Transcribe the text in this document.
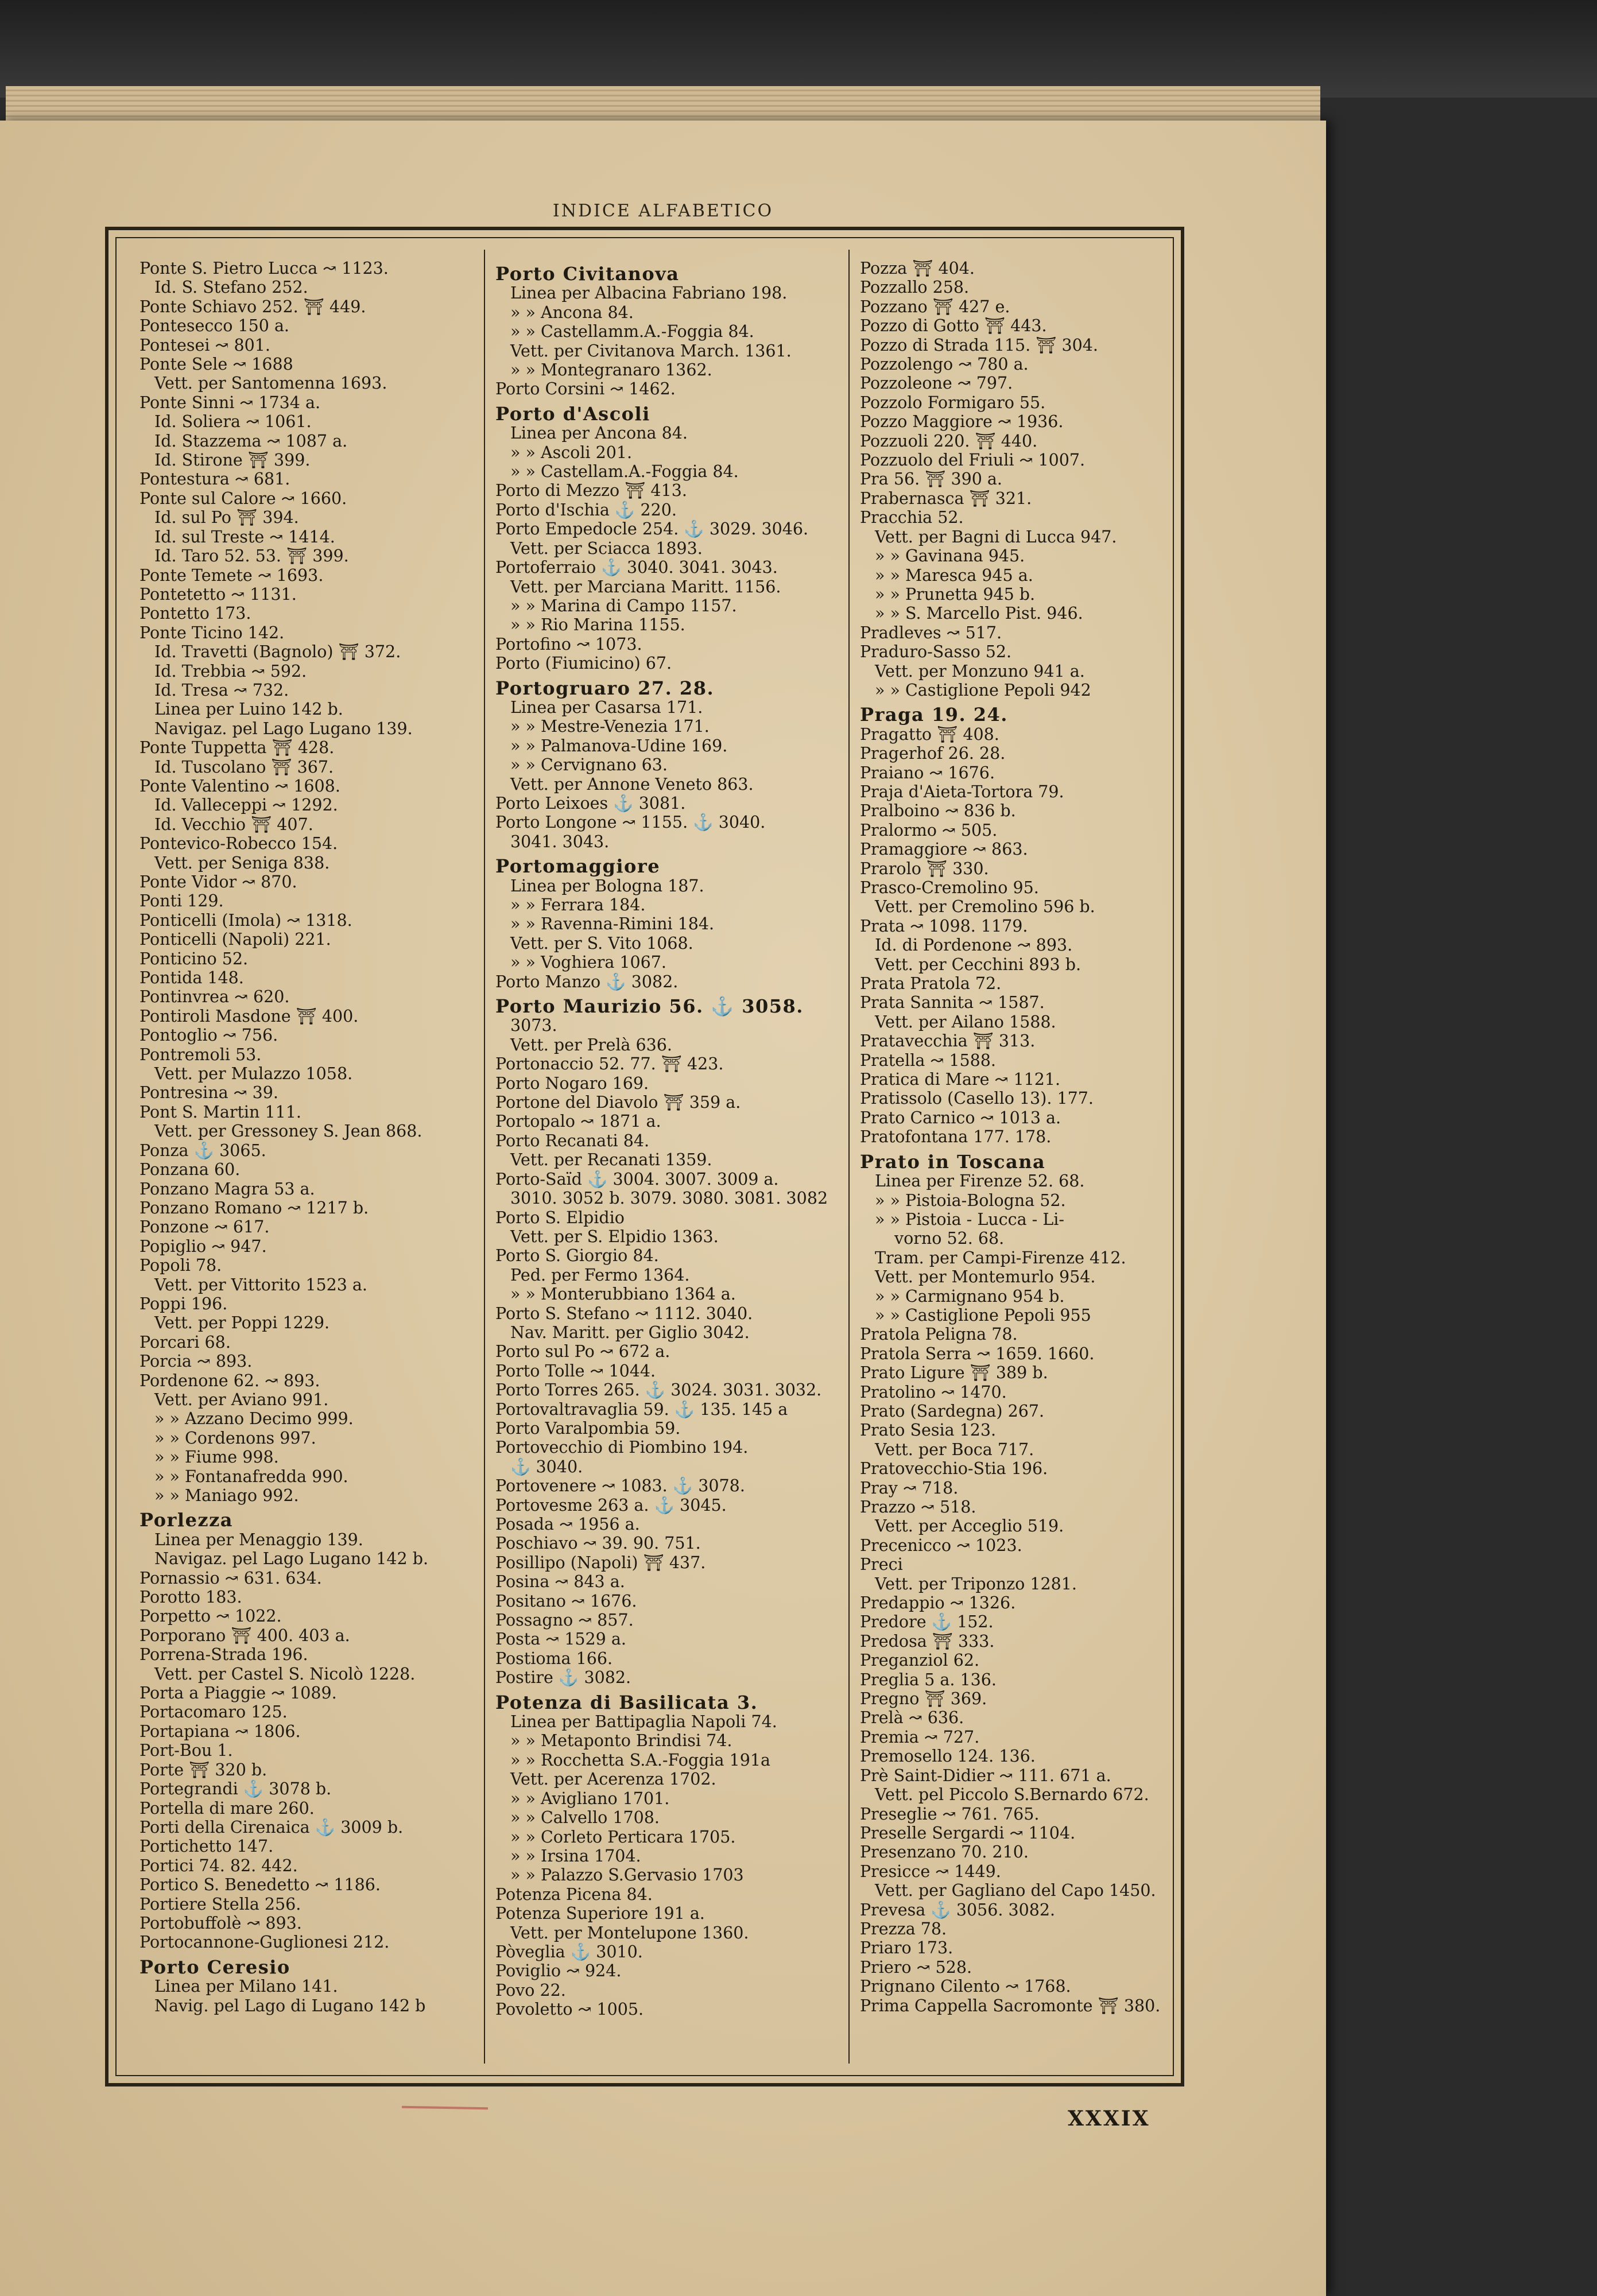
INDICE ALFABETICO
Ponte S. Pietro Lucca ↝ 1123.
Id. S. Stefano 252.
Ponte Schiavo 252. ⛩ 449.
Pontesecco 150 a.
Pontesei ↝ 801.
Ponte Sele ↝ 1688
Vett. per Santomenna 1693.
Ponte Sinni ↝ 1734 a.
Id. Soliera ↝ 1061.
Id. Stazzema ↝ 1087 a.
Id. Stirone ⛩ 399.
Pontestura ↝ 681.
Ponte sul Calore ↝ 1660.
Id. sul Po ⛩ 394.
Id. sul Treste ↝ 1414.
Id. Taro 52. 53. ⛩ 399.
Ponte Temete ↝ 1693.
Pontetetto ↝ 1131.
Pontetto 173.
Ponte Ticino 142.
Id. Travetti (Bagnolo) ⛩ 372.
Id. Trebbia ↝ 592.
Id. Tresa ↝ 732.
Linea per Luino 142 b.
Navigaz. pel Lago Lugano 139.
Ponte Tuppetta ⛩ 428.
Id. Tuscolano ⛩ 367.
Ponte Valentino ↝ 1608.
Id. Valleceppi ↝ 1292.
Id. Vecchio ⛩ 407.
Pontevico-Robecco 154.
Vett. per Seniga 838.
Ponte Vidor ↝ 870.
Ponti 129.
Ponticelli (Imola) ↝ 1318.
Ponticelli (Napoli) 221.
Ponticino 52.
Pontida 148.
Pontinvrea ↝ 620.
Pontiroli Masdone ⛩ 400.
Pontoglio ↝ 756.
Pontremoli 53.
Vett. per Mulazzo 1058.
Pontresina ↝ 39.
Pont S. Martin 111.
Vett. per Gressoney S. Jean 868.
Ponza ⚓ 3065.
Ponzana 60.
Ponzano Magra 53 a.
Ponzano Romano ↝ 1217 b.
Ponzone ↝ 617.
Popiglio ↝ 947.
Popoli 78.
Vett. per Vittorito 1523 a.
Poppi 196.
Vett. per Poppi 1229.
Porcari 68.
Porcia ↝ 893.
Pordenone 62. ↝ 893.
Vett. per Aviano 991.
» » Azzano Decimo 999.
» » Cordenons 997.
» » Fiume 998.
» » Fontanafredda 990.
» » Maniago 992.
Porlezza
Linea per Menaggio 139.
Navigaz. pel Lago Lugano 142 b.
Pornassio ↝ 631. 634.
Porotto 183.
Porpetto ↝ 1022.
Porporano ⛩ 400. 403 a.
Porrena-Strada 196.
Vett. per Castel S. Nicolò 1228.
Porta a Piaggie ↝ 1089.
Portacomaro 125.
Portapiana ↝ 1806.
Port-Bou 1.
Porte ⛩ 320 b.
Portegrandi ⚓ 3078 b.
Portella di mare 260.
Porti della Cirenaica ⚓ 3009 b.
Portichetto 147.
Portici 74. 82. 442.
Portico S. Benedetto ↝ 1186.
Portiere Stella 256.
Portobuffolè ↝ 893.
Portocannone-Guglionesi 212.
Porto Ceresio
Linea per Milano 141.
Navig. pel Lago di Lugano 142 b
Porto Civitanova
Linea per Albacina Fabriano 198.
» » Ancona 84.
» » Castellamm.A.-Foggia 84.
Vett. per Civitanova March. 1361.
» » Montegranaro 1362.
Porto Corsini ↝ 1462.
Porto d'Ascoli
Linea per Ancona 84.
» » Ascoli 201.
» » Castellam.A.-Foggia 84.
Porto di Mezzo ⛩ 413.
Porto d'Ischia ⚓ 220.
Porto Empedocle 254. ⚓ 3029. 3046.
Vett. per Sciacca 1893.
Portoferraio ⚓ 3040. 3041. 3043.
Vett. per Marciana Maritt. 1156.
» » Marina di Campo 1157.
» » Rio Marina 1155.
Portofino ↝ 1073.
Porto (Fiumicino) 67.
Portogruaro 27. 28.
Linea per Casarsa 171.
» » Mestre-Venezia 171.
» » Palmanova-Udine 169.
» » Cervignano 63.
Vett. per Annone Veneto 863.
Porto Leixoes ⚓ 3081.
Porto Longone ↝ 1155. ⚓ 3040.
3041. 3043.
Portomaggiore
Linea per Bologna 187.
» » Ferrara 184.
» » Ravenna-Rimini 184.
Vett. per S. Vito 1068.
» » Voghiera 1067.
Porto Manzo ⚓ 3082.
Porto Maurizio 56. ⚓ 3058.
3073.
Vett. per Prelà 636.
Portonaccio 52. 77. ⛩ 423.
Porto Nogaro 169.
Portone del Diavolo ⛩ 359 a.
Portopalo ↝ 1871 a.
Porto Recanati 84.
Vett. per Recanati 1359.
Porto-Saïd ⚓ 3004. 3007. 3009 a.
3010. 3052 b. 3079. 3080. 3081. 3082
Porto S. Elpidio
Vett. per S. Elpidio 1363.
Porto S. Giorgio 84.
Ped. per Fermo 1364.
» » Monterubbiano 1364 a.
Porto S. Stefano ↝ 1112. 3040.
Nav. Maritt. per Giglio 3042.
Porto sul Po ↝ 672 a.
Porto Tolle ↝ 1044.
Porto Torres 265. ⚓ 3024. 3031. 3032.
Portovaltravaglia 59. ⚓ 135. 145 a
Porto Varalpombia 59.
Portovecchio di Piombino 194.
⚓ 3040.
Portovenere ↝ 1083. ⚓ 3078.
Portovesme 263 a. ⚓ 3045.
Posada ↝ 1956 a.
Poschiavo ↝ 39. 90. 751.
Posillipo (Napoli) ⛩ 437.
Posina ↝ 843 a.
Positano ↝ 1676.
Possagno ↝ 857.
Posta ↝ 1529 a.
Postioma 166.
Postire ⚓ 3082.
Potenza di Basilicata 3.
Linea per Battipaglia Napoli 74.
» » Metaponto Brindisi 74.
» » Rocchetta S.A.-Foggia 191a
Vett. per Acerenza 1702.
» » Avigliano 1701.
» » Calvello 1708.
» » Corleto Perticara 1705.
» » Irsina 1704.
» » Palazzo S.Gervasio 1703
Potenza Picena 84.
Potenza Superiore 191 a.
Vett. per Montelupone 1360.
Pòveglia ⚓ 3010.
Poviglio ↝ 924.
Povo 22.
Povoletto ↝ 1005.
Pozza ⛩ 404.
Pozzallo 258.
Pozzano ⛩ 427 e.
Pozzo di Gotto ⛩ 443.
Pozzo di Strada 115. ⛩ 304.
Pozzolengo ↝ 780 a.
Pozzoleone ↝ 797.
Pozzolo Formigaro 55.
Pozzo Maggiore ↝ 1936.
Pozzuoli 220. ⛩ 440.
Pozzuolo del Friuli ↝ 1007.
Pra 56. ⛩ 390 a.
Prabernasca ⛩ 321.
Pracchia 52.
Vett. per Bagni di Lucca 947.
» » Gavinana 945.
» » Maresca 945 a.
» » Prunetta 945 b.
» » S. Marcello Pist. 946.
Pradleves ↝ 517.
Praduro-Sasso 52.
Vett. per Monzuno 941 a.
» » Castiglione Pepoli 942
Praga 19. 24.
Pragatto ⛩ 408.
Pragerhof 26. 28.
Praiano ↝ 1676.
Praja d'Aieta-Tortora 79.
Pralboino ↝ 836 b.
Pralormo ↝ 505.
Pramaggiore ↝ 863.
Prarolo ⛩ 330.
Prasco-Cremolino 95.
Vett. per Cremolino 596 b.
Prata ↝ 1098. 1179.
Id. di Pordenone ↝ 893.
Vett. per Cecchini 893 b.
Prata Pratola 72.
Prata Sannita ↝ 1587.
Vett. per Ailano 1588.
Pratavecchia ⛩ 313.
Pratella ↝ 1588.
Pratica di Mare ↝ 1121.
Pratissolo (Casello 13). 177.
Prato Carnico ↝ 1013 a.
Pratofontana 177. 178.
Prato in Toscana
Linea per Firenze 52. 68.
» » Pistoia-Bologna 52.
» » Pistoia - Lucca - Li-
vorno 52. 68.
Tram. per Campi-Firenze 412.
Vett. per Montemurlo 954.
» » Carmignano 954 b.
» » Castiglione Pepoli 955
Pratola Peligna 78.
Pratola Serra ↝ 1659. 1660.
Prato Ligure ⛩ 389 b.
Pratolino ↝ 1470.
Prato (Sardegna) 267.
Prato Sesia 123.
Vett. per Boca 717.
Pratovecchio-Stia 196.
Pray ↝ 718.
Prazzo ↝ 518.
Vett. per Acceglio 519.
Precenicco ↝ 1023.
Preci
Vett. per Triponzo 1281.
Predappio ↝ 1326.
Predore ⚓ 152.
Predosa ⛩ 333.
Preganziol 62.
Preglia 5 a. 136.
Pregno ⛩ 369.
Prelà ↝ 636.
Premia ↝ 727.
Premosello 124. 136.
Prè Saint-Didier ↝ 111. 671 a.
Vett. pel Piccolo S.Bernardo 672.
Preseglie ↝ 761. 765.
Preselle Sergardi ↝ 1104.
Presenzano 70. 210.
Presicce ↝ 1449.
Vett. per Gagliano del Capo 1450.
Prevesa ⚓ 3056. 3082.
Prezza 78.
Priaro 173.
Priero ↝ 528.
Prignano Cilento ↝ 1768.
Prima Cappella Sacromonte ⛩ 380.
XXXIX
